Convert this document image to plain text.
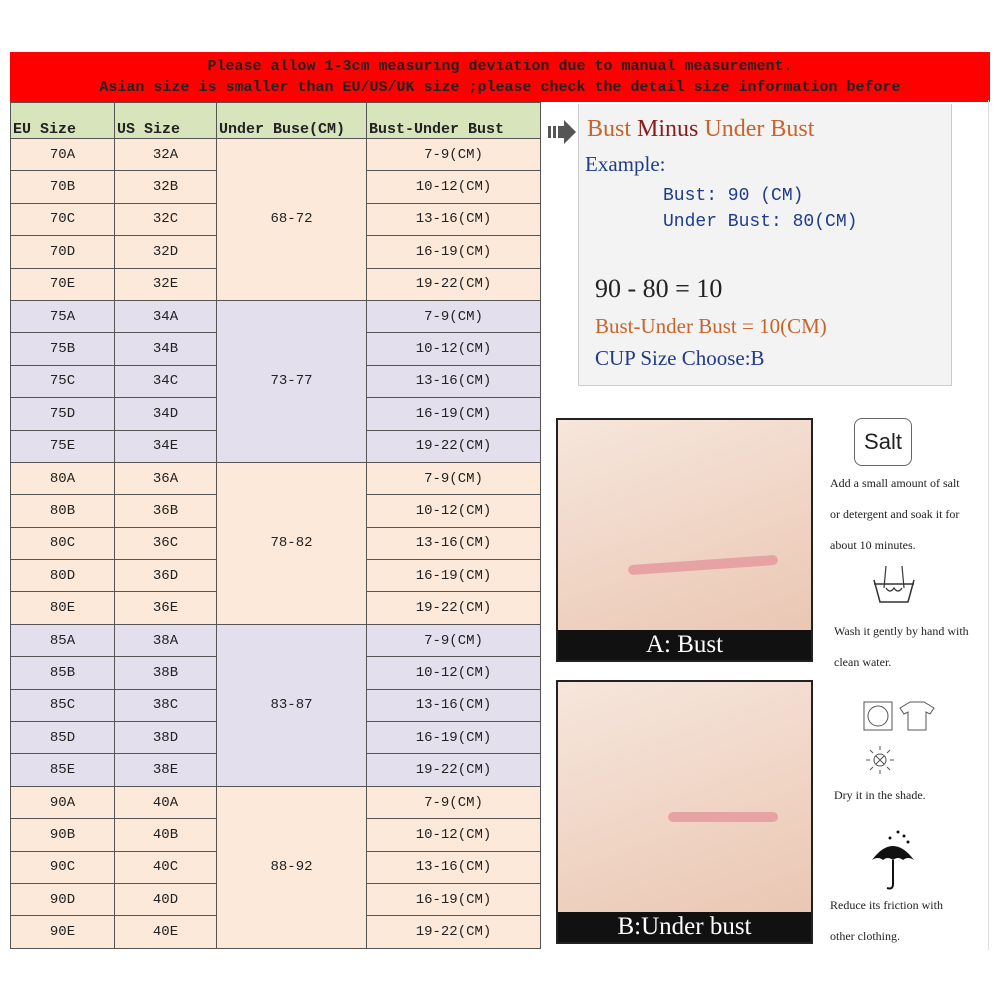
Please allow 1-3cm measuring deviation due to manual measurement.
Asian size is smaller than EU/US/UK size ;please check the detail size information before
EU Size	US Size	Under Buse(CM)	Bust-Under Bust
70A	32A	68-72	7-9(CM)
70B	32B		10-12(CM)
70C	32C		13-16(CM)
70D	32D		16-19(CM)
70E	32E		19-22(CM)
75A	34A	73-77	7-9(CM)
75B	34B		10-12(CM)
75C	34C		13-16(CM)
75D	34D		16-19(CM)
75E	34E		19-22(CM)
80A	36A	78-82	7-9(CM)
80B	36B		10-12(CM)
80C	36C		13-16(CM)
80D	36D		16-19(CM)
80E	36E		19-22(CM)
85A	38A	83-87	7-9(CM)
85B	38B		10-12(CM)
85C	38C		13-16(CM)
85D	38D		16-19(CM)
85E	38E		19-22(CM)
90A	40A	88-92	7-9(CM)
90B	40B		10-12(CM)
90C	40C		13-16(CM)
90D	40D		16-19(CM)
90E	40E		19-22(CM)
Bust Minus Under Bust
Example:
Bust: 90 (CM)
Under Bust: 80(CM)
90 - 80 = 10
Bust-Under Bust = 10(CM)
CUP Size Choose:B
A: Bust
B:Under bust
Salt

Add a small amount of salt or detergent and soak it for about 10 minutes.

Wash it gently by hand with clean water.

Dry it in the shade.

Reduce its friction with other clothing.
